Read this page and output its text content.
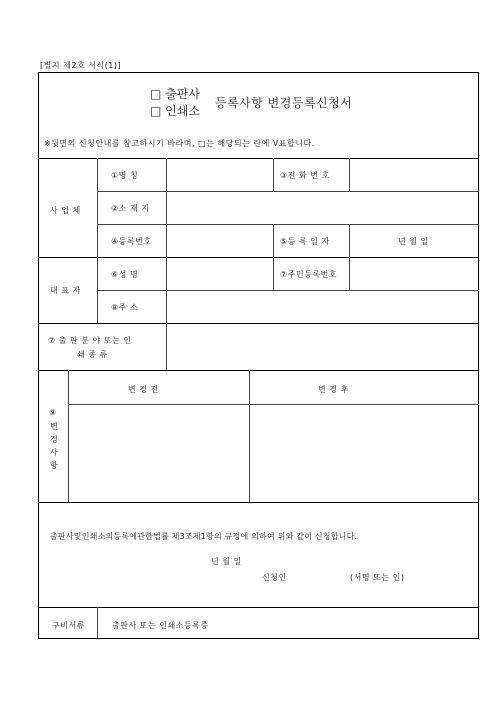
[별지 제2호 서식(1)]
□ 출판사
□ 인쇄소
등록사항 변경등록신청서
※뒷면의 신청안내를 참고하시기 바라며, □는 해당되는 란에 V표합니다.
사 업 체
①명 칭	③전 화 번 호
②소 재 지
④등록번호	⑤등 록 일 자	년 월 일
대 표 자
⑥성 명	⑦주민등록번호
⑧주 소
⑦ 출 판 분 야 또는 인
쇄 종 류
⑨
변
경
사
항
변 경 전	변 경 후
출판사및인쇄소의등록에관한법률 제3조제1항의 규정에 의하여 위와 같이 신청합니다.
년 월 일
신청인	(서명 또는 인)
구비서류	출판사 또는 인쇄소등록증
